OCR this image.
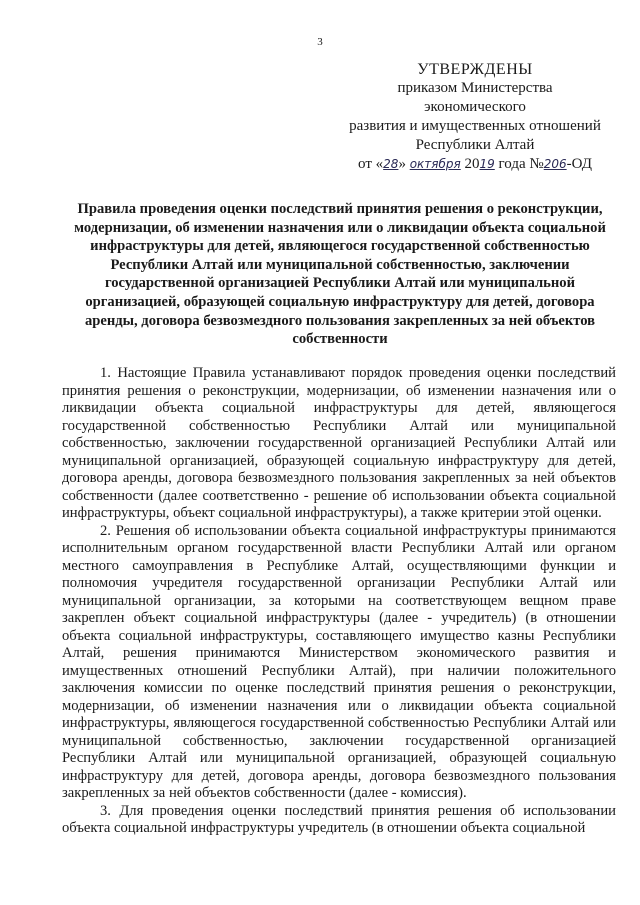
3
УТВЕРЖДЕНЫ
приказом Министерства
экономического
развития и имущественных отношений
Республики Алтай
от «28» октября 2019 года №206-ОД
Правила проведения оценки последствий принятия решения о реконструкции, модернизации, об изменении назначения или о ликвидации объекта социальной инфраструктуры для детей, являющегося государственной собственностью Республики Алтай или муниципальной собственностью, заключении государственной организацией Республики Алтай или муниципальной организацией, образующей социальную инфраструктуру для детей, договора аренды, договора безвозмездного пользования закрепленных за ней объектов собственности

1. Настоящие Правила устанавливают порядок проведения оценки последствий принятия решения о реконструкции, модернизации, об изменении назначения или о ликвидации объекта социальной инфраструктуры для детей, являющегося государственной собственностью Республики Алтай или муниципальной собственностью, заключении государственной организацией Республики Алтай или муниципальной организацией, образующей социальную инфраструктуру для детей, договора аренды, договора безвозмездного пользования закрепленных за ней объектов собственности (далее соответственно - решение об использовании объекта социальной инфраструктуры, объект социальной инфраструктуры), а также критерии этой оценки.

2. Решения об использовании объекта социальной инфраструктуры принимаются исполнительным органом государственной власти Республики Алтай или органом местного самоуправления в Республике Алтай, осуществляющими функции и полномочия учредителя государственной организации Республики Алтай или муниципальной организации, за которыми на соответствующем вещном праве закреплен объект социальной инфраструктуры (далее - учредитель) (в отношении объекта социальной инфраструктуры, составляющего имущество казны Республики Алтай, решения принимаются Министерством экономического развития и имущественных отношений Республики Алтай), при наличии положительного заключения комиссии по оценке последствий принятия решения о реконструкции, модернизации, об изменении назначения или о ликвидации объекта социальной инфраструктуры, являющегося государственной собственностью Республики Алтай или муниципальной собственностью, заключении государственной организацией Республики Алтай или муниципальной организацией, образующей социальную инфраструктуру для детей, договора аренды, договора безвозмездного пользования закрепленных за ней объектов собственности (далее - комиссия).

3. Для проведения оценки последствий принятия решения об использовании объекта социальной инфраструктуры учредитель (в отношении объекта социальной
